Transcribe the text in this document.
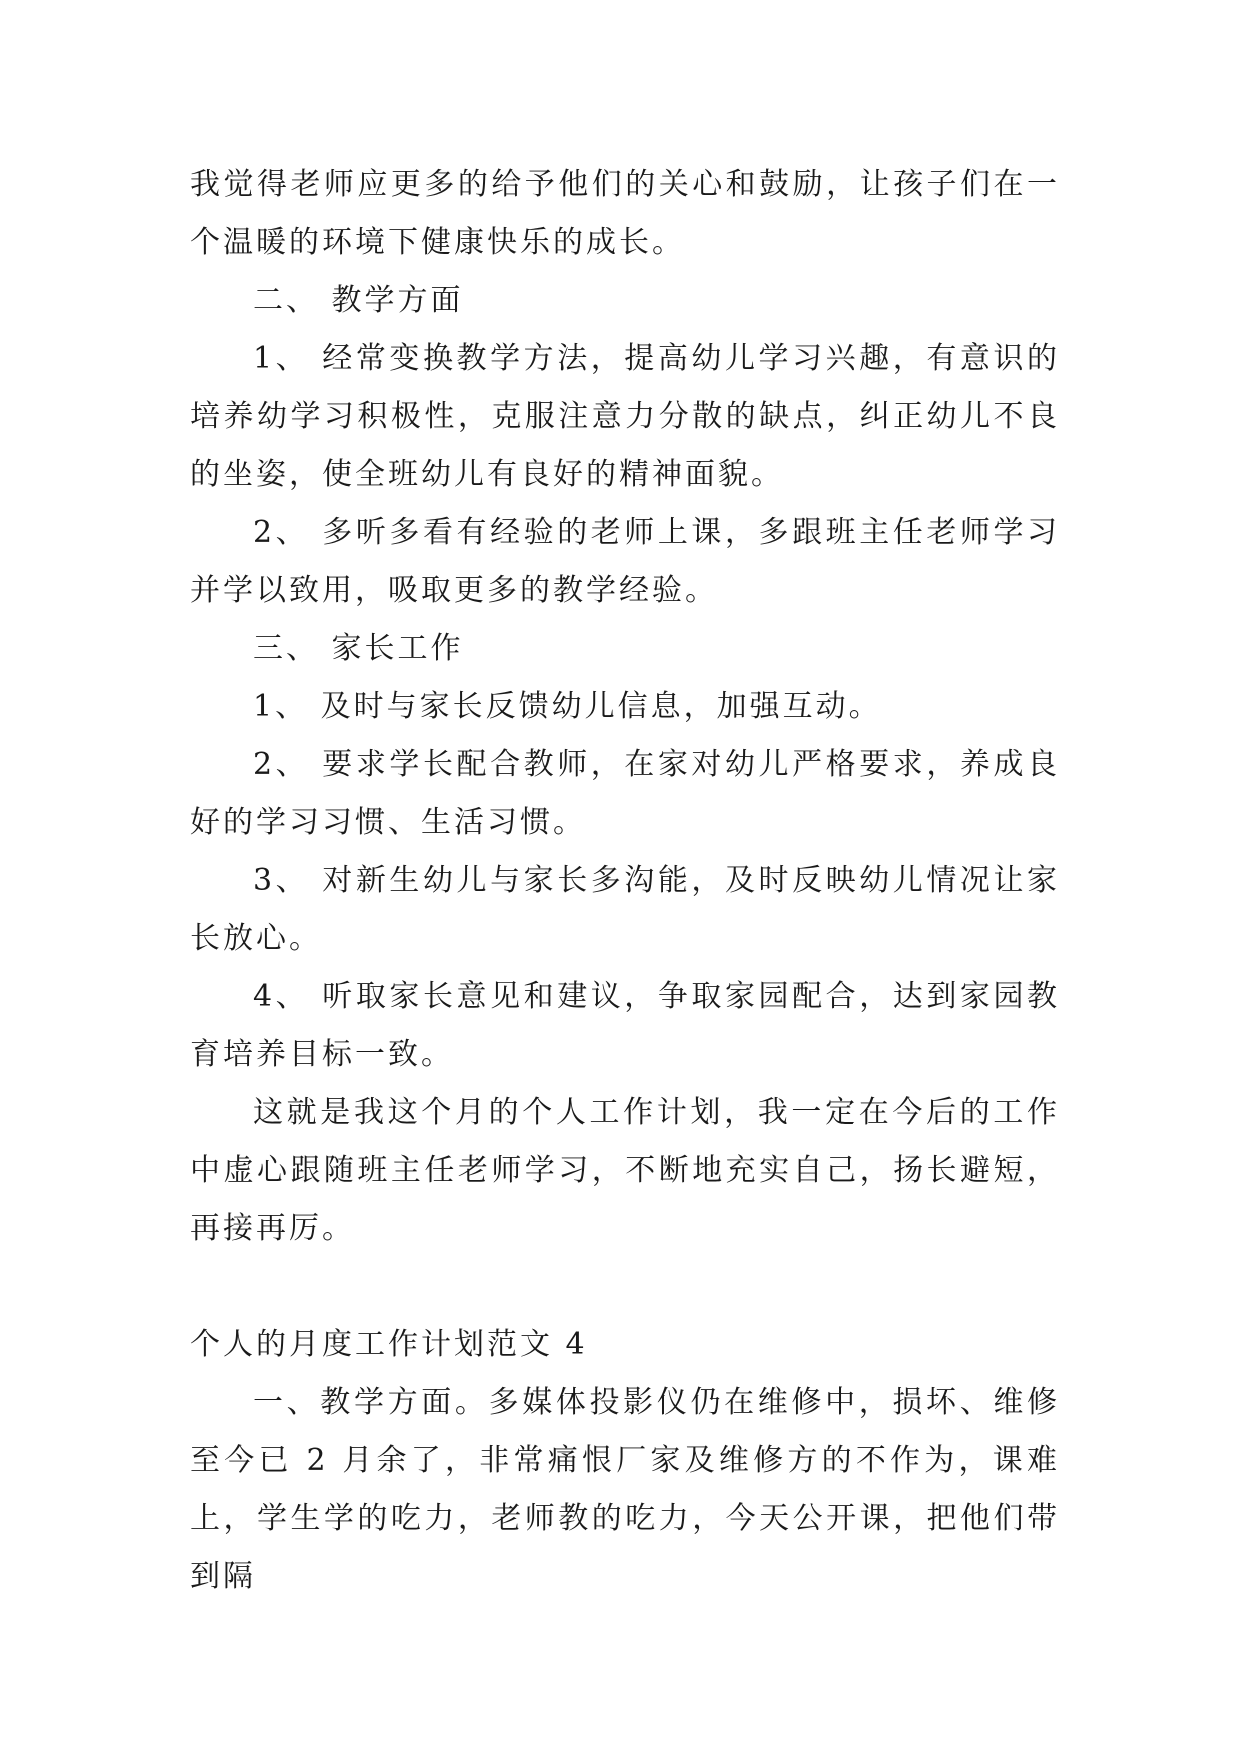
我觉得老师应更多的给予他们的关心和鼓励，让孩子们在一个温暖的环境下健康快乐的成长。

二、 教学方面

1、 经常变换教学方法，提高幼儿学习兴趣，有意识的培养幼学习积极性，克服注意力分散的缺点，纠正幼儿不良的坐姿，使全班幼儿有良好的精神面貌。

2、 多听多看有经验的老师上课，多跟班主任老师学习并学以致用，吸取更多的教学经验。

三、 家长工作

1、 及时与家长反馈幼儿信息，加强互动。

2、 要求学长配合教师，在家对幼儿严格要求，养成良好的学习习惯、生活习惯。

3、 对新生幼儿与家长多沟能，及时反映幼儿情况让家长放心。

4、 听取家长意见和建议，争取家园配合，达到家园教育培养目标一致。

这就是我这个月的个人工作计划，我一定在今后的工作中虚心跟随班主任老师学习，不断地充实自己，扬长避短，再接再厉。

个人的月度工作计划范文 4

一、教学方面。多媒体投影仪仍在维修中，损坏、维修至今已 2 月余了，非常痛恨厂家及维修方的不作为，课难上，学生学的吃力，老师教的吃力，今天公开课，把他们带到隔
